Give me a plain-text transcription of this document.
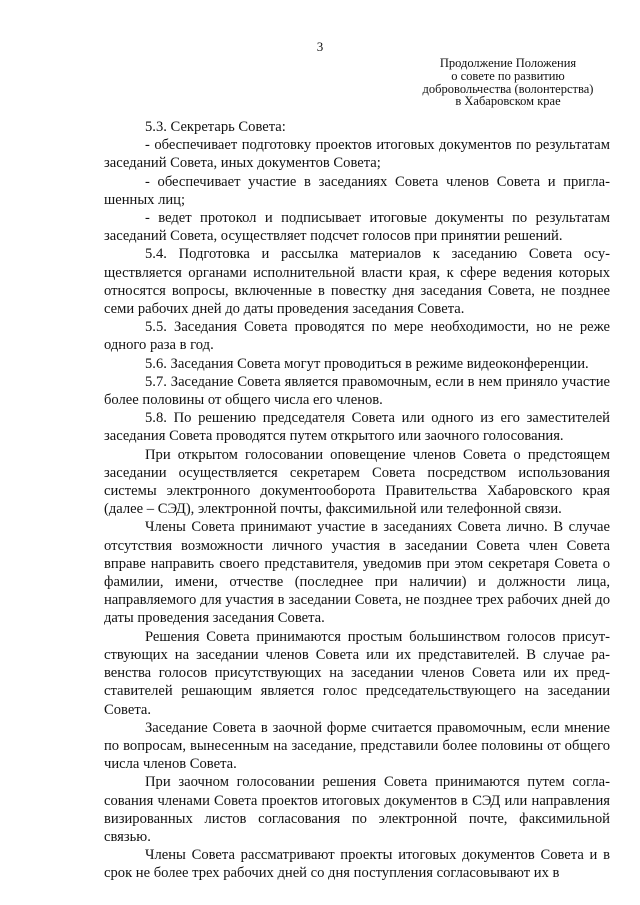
3
Продолжение Положения
о совете по развитию
добровольчества (волонтерства)
в Хабаровском крае

5.3. Секретарь Совета:

- обеспечивает подготовку проектов итоговых документов по результатам заседаний Совета, иных документов Совета;

- обеспечивает участие в заседаниях Совета членов Совета и приглашенных лиц;

- ведет протокол и подписывает итоговые документы по результатам заседаний Совета, осуществляет подсчет голосов при принятии решений.

5.4. Подготовка и рассылка материалов к заседанию Совета осуществляется органами исполнительной власти края, к сфере ведения которых относятся вопросы, включенные в повестку дня заседания Совета, не позднее семи рабочих дней до даты проведения заседания Совета.

5.5. Заседания Совета проводятся по мере необходимости, но не реже одного раза в год.

5.6. Заседания Совета могут проводиться в режиме видеоконференции.

5.7. Заседание Совета является правомочным, если в нем приняло участие более половины от общего числа его членов.

5.8. По решению председателя Совета или одного из его заместителей заседания Совета проводятся путем открытого или заочного голосования.

При открытом голосовании оповещение членов Совета о предстоящем заседании осуществляется секретарем Совета посредством использования системы электронного документооборота Правительства Хабаровского края (далее – СЭД), электронной почты, факсимильной или телефонной связи.

Члены Совета принимают участие в заседаниях Совета лично. В случае отсутствия возможности личного участия в заседании Совета член Совета вправе направить своего представителя, уведомив при этом секретаря Совета о фамилии, имени, отчестве (последнее при наличии) и должности лица, направляемого для участия в заседании Совета, не позднее трех рабочих дней до даты проведения заседания Совета.

Решения Совета принимаются простым большинством голосов присутствующих на заседании членов Совета или их представителей. В случае равенства голосов присутствующих на заседании членов Совета или их представителей решающим является голос председательствующего на заседании Совета.

Заседание Совета в заочной форме считается правомочным, если мнение по вопросам, вынесенным на заседание, представили более половины от общего числа членов Совета.

При заочном голосовании решения Совета принимаются путем согласования членами Совета проектов итоговых документов в СЭД или направления визированных листов согласования по электронной почте, факсимильной связью.

Члены Совета рассматривают проекты итоговых документов Совета и в срок не более трех рабочих дней со дня поступления согласовывают их в
